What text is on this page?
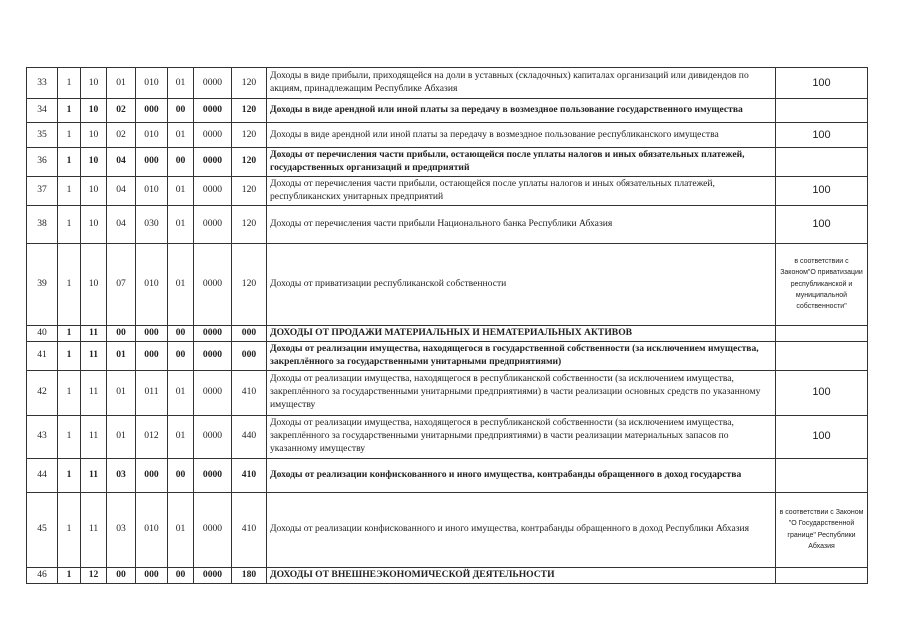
33	1	10	01	010	01	0000	120	Доходы в виде прибыли, приходящейся на доли в уставных (складочных) капиталах организаций или дивидендов по акциям, принадлежащим Республике Абхазия	100
34	1	10	02	000	00	0000	120	Доходы в виде арендной или иной платы за передачу в возмездное пользование государственного имущества	
35	1	10	02	010	01	0000	120	Доходы в виде арендной или иной платы за передачу в возмездное пользование республиканского имущества	100
36	1	10	04	000	00	0000	120	Доходы от перечисления части прибыли, остающейся после уплаты налогов и иных обязательных платежей, государственных организаций и предприятий	
37	1	10	04	010	01	0000	120	Доходы от перечисления части прибыли, остающейся после уплаты налогов и иных обязательных платежей, республиканских унитарных предприятий	100
38	1	10	04	030	01	0000	120	Доходы от перечисления части прибыли Национального банка Республики Абхазия	100
39	1	10	07	010	01	0000	120	Доходы от приватизации республиканской собственности	в соответствии с Законом"О приватизации республиканской и муниципальной собственности"
40	1	11	00	000	00	0000	000	ДОХОДЫ ОТ ПРОДАЖИ МАТЕРИАЛЬНЫХ И НЕМАТЕРИАЛЬНЫХ АКТИВОВ	
41	1	11	01	000	00	0000	000	Доходы от реализации имущества, находящегося в государственной собственности (за исключением имущества, закреплённого за государственными унитарными предприятиями)	
42	1	11	01	011	01	0000	410	Доходы от реализации имущества, находящегося в республиканской собственности (за исключением имущества, закреплённого за государственными унитарными предприятиями) в части реализации основных средств по указанному имуществу	100
43	1	11	01	012	01	0000	440	Доходы от реализации имущества, находящегося в республиканской собственности (за исключением имущества, закреплённого за государственными унитарными предприятиями) в части реализации материальных запасов по указанному имуществу	100
44	1	11	03	000	00	0000	410	Доходы от реализации конфискованного и иного имущества, контрабанды обращенного в доход государства	
45	1	11	03	010	01	0000	410	Доходы от реализации конфискованного и иного имущества, контрабанды обращенного в доход Республики Абхазия	в соответствии с Законом "О Государственной границе" Республики Абхазия
46	1	12	00	000	00	0000	180	ДОХОДЫ ОТ ВНЕШНЕЭКОНОМИЧЕСКОЙ ДЕЯТЕЛЬНОСТИ	
